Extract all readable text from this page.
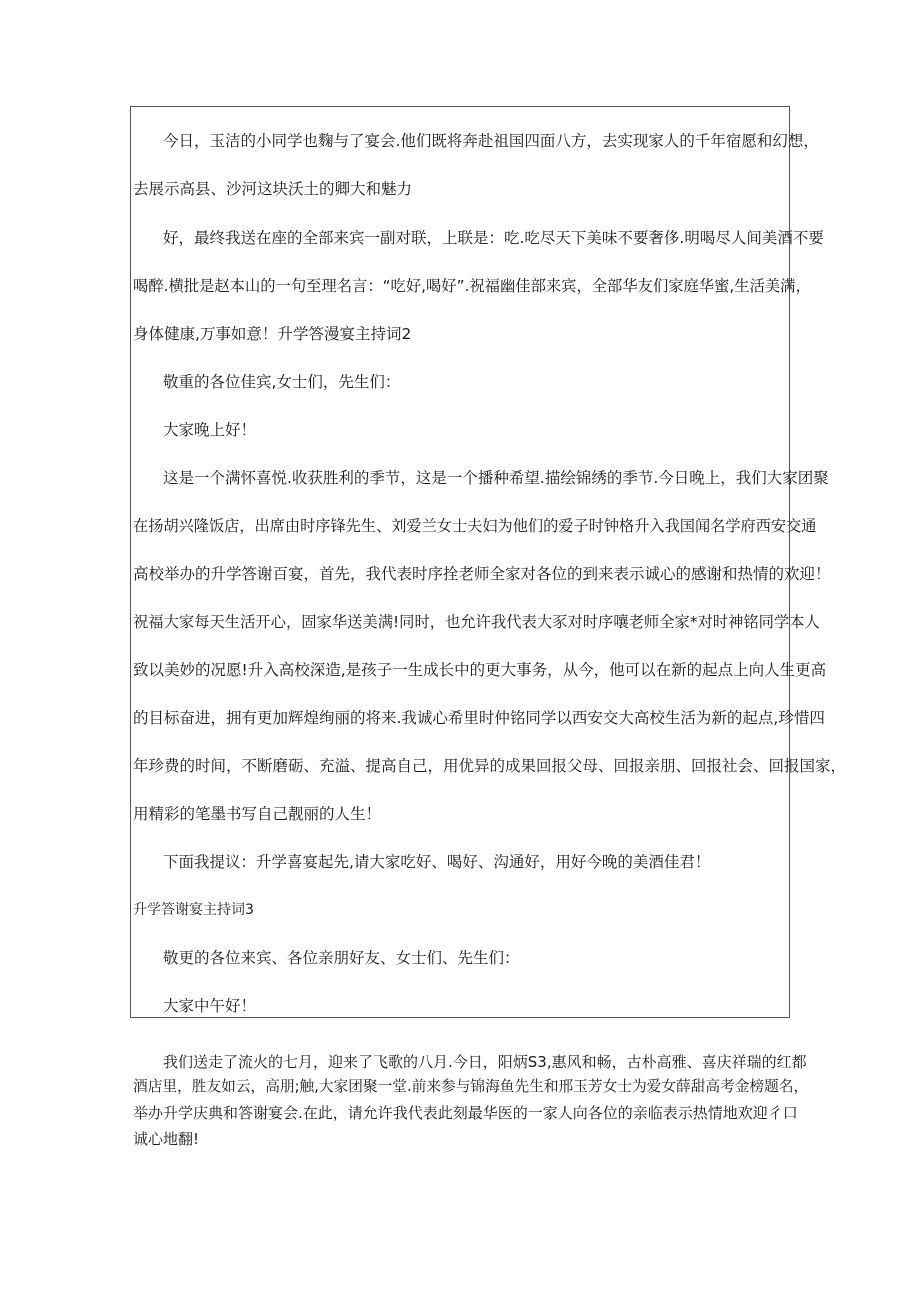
今日，玉洁的小同学也麴与了宴会.他们既将奔赴祖国四面八方，去实现家人的千年宿愿和幻想，

去展示高县、沙河这块沃土的卿大和魅力

好，最终我送在座的全部来宾一副对联，上联是：吃.吃尽天下美味不要奢侈.明喝尽人间美酒不要

喝醉.横批是赵本山的一句至理名言：“吃好,喝好”.祝福幽佳部来宾，全部华友们家庭华蜜,生活美满，

身体健康,万事如意！升学答漫宴主持词2

敬重的各位佳宾,女士们，先生们：

大家晚上好！

这是一个满怀喜悦.收获胜利的季节，这是一个播种希望.描绘锦绣的季节.今日晚上，我们大家团聚

在扬胡兴隆饭店，出席由时序锋先生、刘爱兰女士夫妇为他们的爱子时钟格升入我国闻名学府西安交通

高校举办的升学答谢百宴，首先，我代表时序拴老师全家对各位的到来表示诚心的感谢和热情的欢迎！

祝福大家每天生活开心，固家华送美满!同时，也允许我代表大豕对时序嚷老师全家*对时神铭同学本人

致以美妙的况愿!升入高校深造,是孩子一生成长中的更大事务，从今，他可以在新的起点上向人生更高

的目标奋进，拥有更加辉煌绚丽的将来.我诚心希里时仲铭同学以西安交大高校生活为新的起点,珍惜四

年珍费的时间，不断磨砺、充溢、提高自己，用优异的成果回报父母、回报亲朋、回报社会、回报国家，

用精彩的笔墨书写自己靓丽的人生！

下面我提议：升学喜宴起先,请大家吃好、喝好、沟通好，用好今晚的美酒佳君！

升学答谢宴主持词3

敬更的各位来宾、各位亲朋好友、女士们、先生们：

大家中午好！

我们送走了流火的七月，迎来了飞歌的八月.今日，阳炳S3,惠风和畅，古朴高雅、喜庆祥瑞的红都

酒店里，胜友如云，高朋;触,大家团聚一堂.前来参与锦海鱼先生和邢玉芳女士为爱女薛甜高考金榜题名，

举办升学庆典和答谢宴会.在此，请允许我代表此刻最华医的一家人向各位的亲临表示热情地欢迎彳口

诚心地翻!
